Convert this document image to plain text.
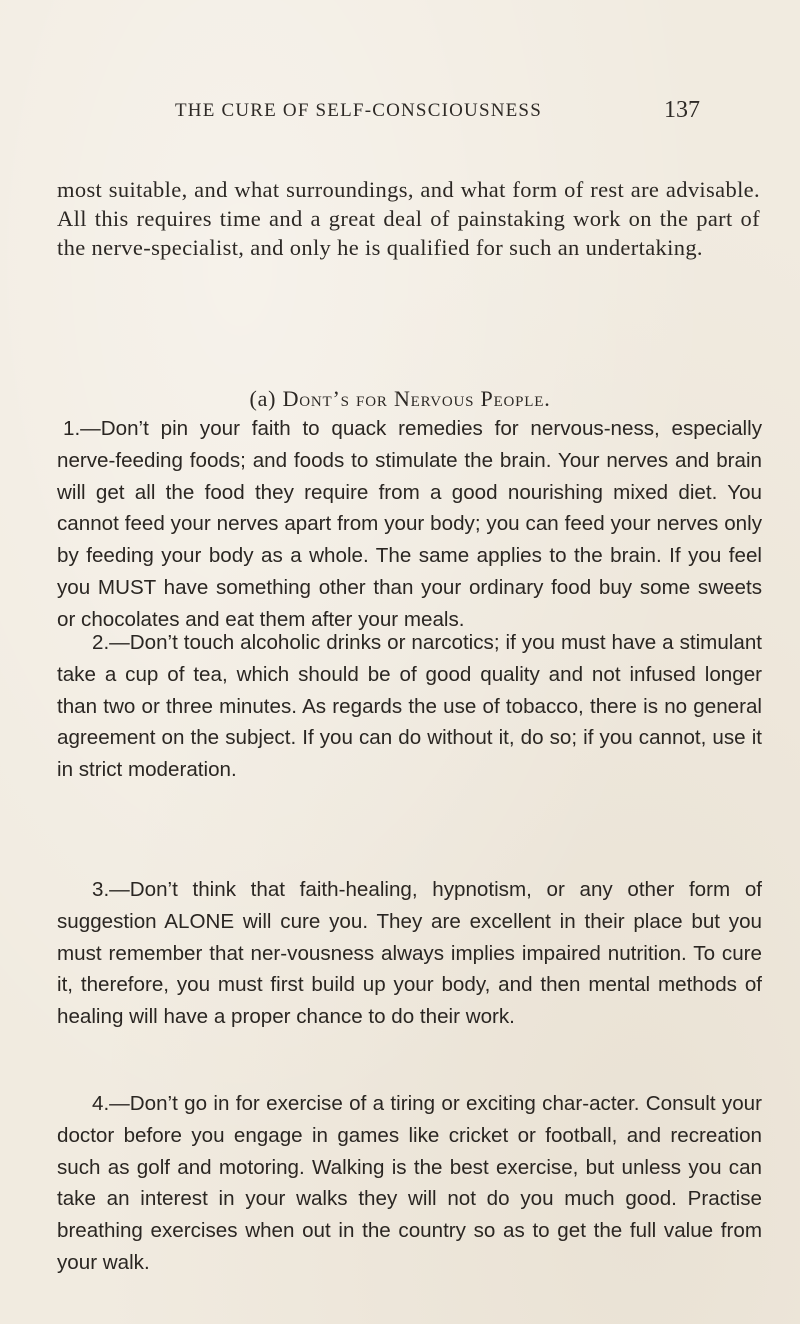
THE CURE OF SELF-CONSCIOUSNESS	137

most suitable, and what surroundings, and what form of rest are advisable. All this requires time and a great deal of painstaking work on the part of the nerve-specialist, and only he is qualified for such an undertaking.

(a) Dont’s for Nervous People.

1.—Don’t pin your faith to quack remedies for nervous-ness, especially nerve-feeding foods; and foods to stimulate the brain. Your nerves and brain will get all the food they require from a good nourishing mixed diet. You cannot feed your nerves apart from your body; you can feed your nerves only by feeding your body as a whole. The same applies to the brain. If you feel you MUST have something other than your ordinary food buy some sweets or chocolates and eat them after your meals.

2.—Don’t touch alcoholic drinks or narcotics; if you must have a stimulant take a cup of tea, which should be of good quality and not infused longer than two or three minutes. As regards the use of tobacco, there is no general agreement on the subject. If you can do without it, do so; if you cannot, use it in strict moderation.

3.—Don’t think that faith-healing, hypnotism, or any other form of suggestion ALONE will cure you. They are excellent in their place but you must remember that ner-vousness always implies impaired nutrition. To cure it, therefore, you must first build up your body, and then mental methods of healing will have a proper chance to do their work.

4.—Don’t go in for exercise of a tiring or exciting char-acter. Consult your doctor before you engage in games like cricket or football, and recreation such as golf and motoring. Walking is the best exercise, but unless you can take an interest in your walks they will not do you much good. Practise breathing exercises when out in the country so as to get the full value from your walk.
